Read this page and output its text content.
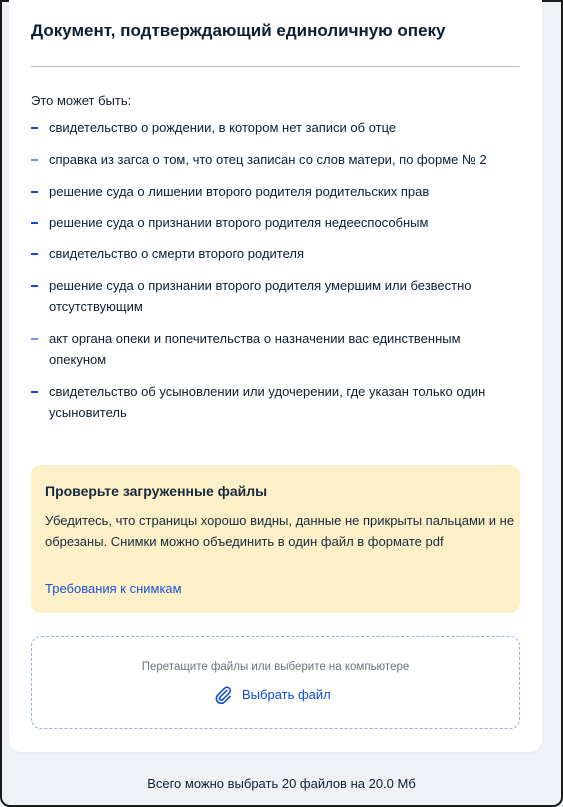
Документ, подтверждающий единоличную опеку
Это может быть:
свидетельство о рождении, в котором нет записи об отце
справка из загса о том, что отец записан со слов матери, по форме № 2
решение суда о лишении второго родителя родительских прав
решение суда о признании второго родителя недееспособным
свидетельство о смерти второго родителя
решение суда о признании второго родителя умершим или безвестно отсутствующим
акт органа опеки и попечительства о назначении вас единственным опекуном
свидетельство об усыновлении или удочерении, где указан только один усыновитель
Проверьте загруженные файлы
Убедитесь, что страницы хорошо видны, данные не прикрыты пальцами и не обрезаны. Снимки можно объединить в один файл в формате pdf
Требования к снимкам
Перетащите файлы или выберите на компьютере
Выбрать файл
Всего можно выбрать 20 файлов на 20.0 Мб
